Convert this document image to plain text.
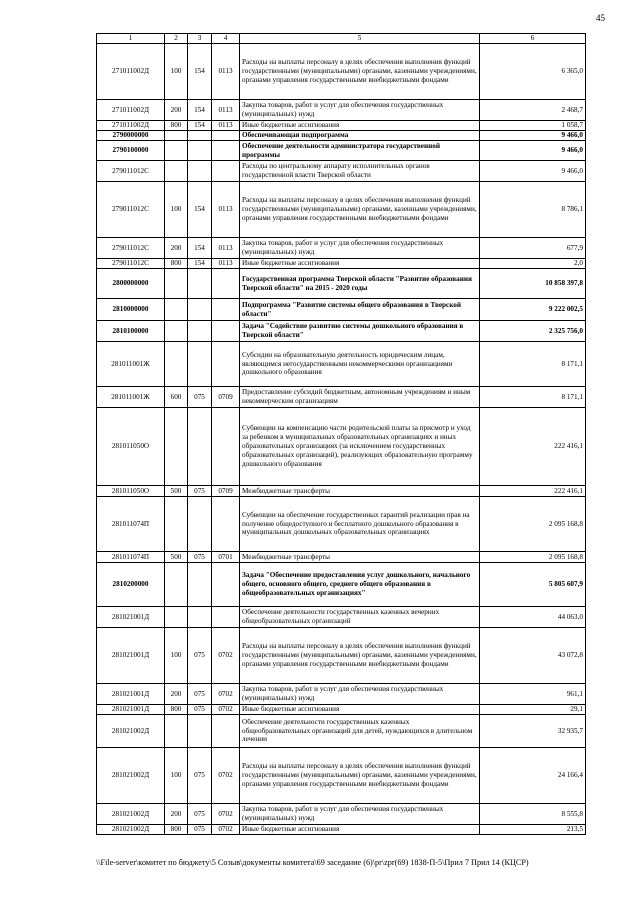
45
1	2	3	4	5	6
271011002Д	100	154	0113	Расходы на выплаты персоналу в целях обеспечения выполнения функций государственными (муниципальными) органами, казенными учреждениями, органами управления государственными внебюджетными фондами	6 365,0
271011002Д	200	154	0113	Закупка товаров, работ и услуг для обеспечения государственных (муниципальных) нужд	2 468,7
271011002Д	800	154	0113	Иные бюджетные ассигнования	1 058,7
2790000000				Обеспечивающая подпрограмма	9 466,0
2790100000				Обеспечение деятельности администратора государственной программы	9 466,0
279011012С				Расходы по центральному аппарату исполнительных органов государственной власти Тверской области	9 466,0
279011012С	100	154	0113	Расходы на выплаты персоналу в целях обеспечения выполнения функций государственными (муниципальными) органами, казенными учреждениями, органами управления государственными внебюджетными фондами	8 786,1
279011012С	200	154	0113	Закупка товаров, работ и услуг для обеспечения государственных (муниципальных) нужд	677,9
279011012С	800	154	0113	Иные бюджетные ассигнования	2,0
2800000000				Государственная программа Тверской области "Развитие образования Тверской области" на 2015 - 2020 годы	10 858 397,8
2810000000				Подпрограмма "Развитие системы общего образования в Тверской области"	9 222 002,5
2810100000				Задача "Содействие развитию системы дошкольного образования в Тверской области"	2 325 756,0
281011001Ж				Субсидии на образовательную деятельность юридическим лицам, являющимся негосударственными некоммерческими организациями дошкольного образования	8 171,1
281011001Ж	600	075	0709	Предоставление субсидий бюджетным, автономным учреждениям и иным некоммерческим организациям	8 171,1
281011050О				Субвенции на компенсацию части родительской платы за присмотр и уход за ребенком в муниципальных образовательных организациях и иных образовательных организациях (за исключением государственных образовательных организаций), реализующих образовательную программу дошкольного образования	222 416,1
281011050О	500	075	0709	Межбюджетные трансферты	222 416,1
281011074П				Субвенции на обеспечение государственных гарантий реализации прав на получение общедоступного и бесплатного дошкольного образования в муниципальных дошкольных образовательных организациях	2 095 168,8
281011074П	500	075	0701	Межбюджетные трансферты	2 095 168,8
2810200000				Задача "Обеспечение предоставления услуг дошкольного, начального общего, основного общего, среднего общего образования в общеобразовательных организациях"	5 805 607,9
281021001Д				Обеспечение деятельности государственных казенных вечерних общеобразовательных организаций	44 063,0
281021001Д	100	075	0702	Расходы на выплаты персоналу в целях обеспечения выполнения функций государственными (муниципальными) органами, казенными учреждениями, органами управления государственными внебюджетными фондами	43 072,8
281021001Д	200	075	0702	Закупка товаров, работ и услуг для обеспечения государственных (муниципальных) нужд	961,1
281021001Д	800	075	0702	Иные бюджетные ассигнования	29,1
281021002Д				Обеспечение деятельности государственных казенных общеобразовательных организаций для детей, нуждающихся в длительном лечении	32 935,7
281021002Д	100	075	0702	Расходы на выплаты персоналу в целях обеспечения выполнения функций государственными (муниципальными) органами, казенными учреждениями, органами управления государственными внебюджетными фондами	24 166,4
281021002Д	200	075	0702	Закупка товаров, работ и услуг для обеспечения государственных (муниципальных) нужд	8 555,8
281021002Д	800	075	0702	Иные бюджетные ассигнования	213,5
\\File-server\комитет по бюджету\5 Созыв\документы комитета\69 заседание (6)\pr\zpr(69) 1838-П-5\Прил 7 Прил 14 (КЦСР)
